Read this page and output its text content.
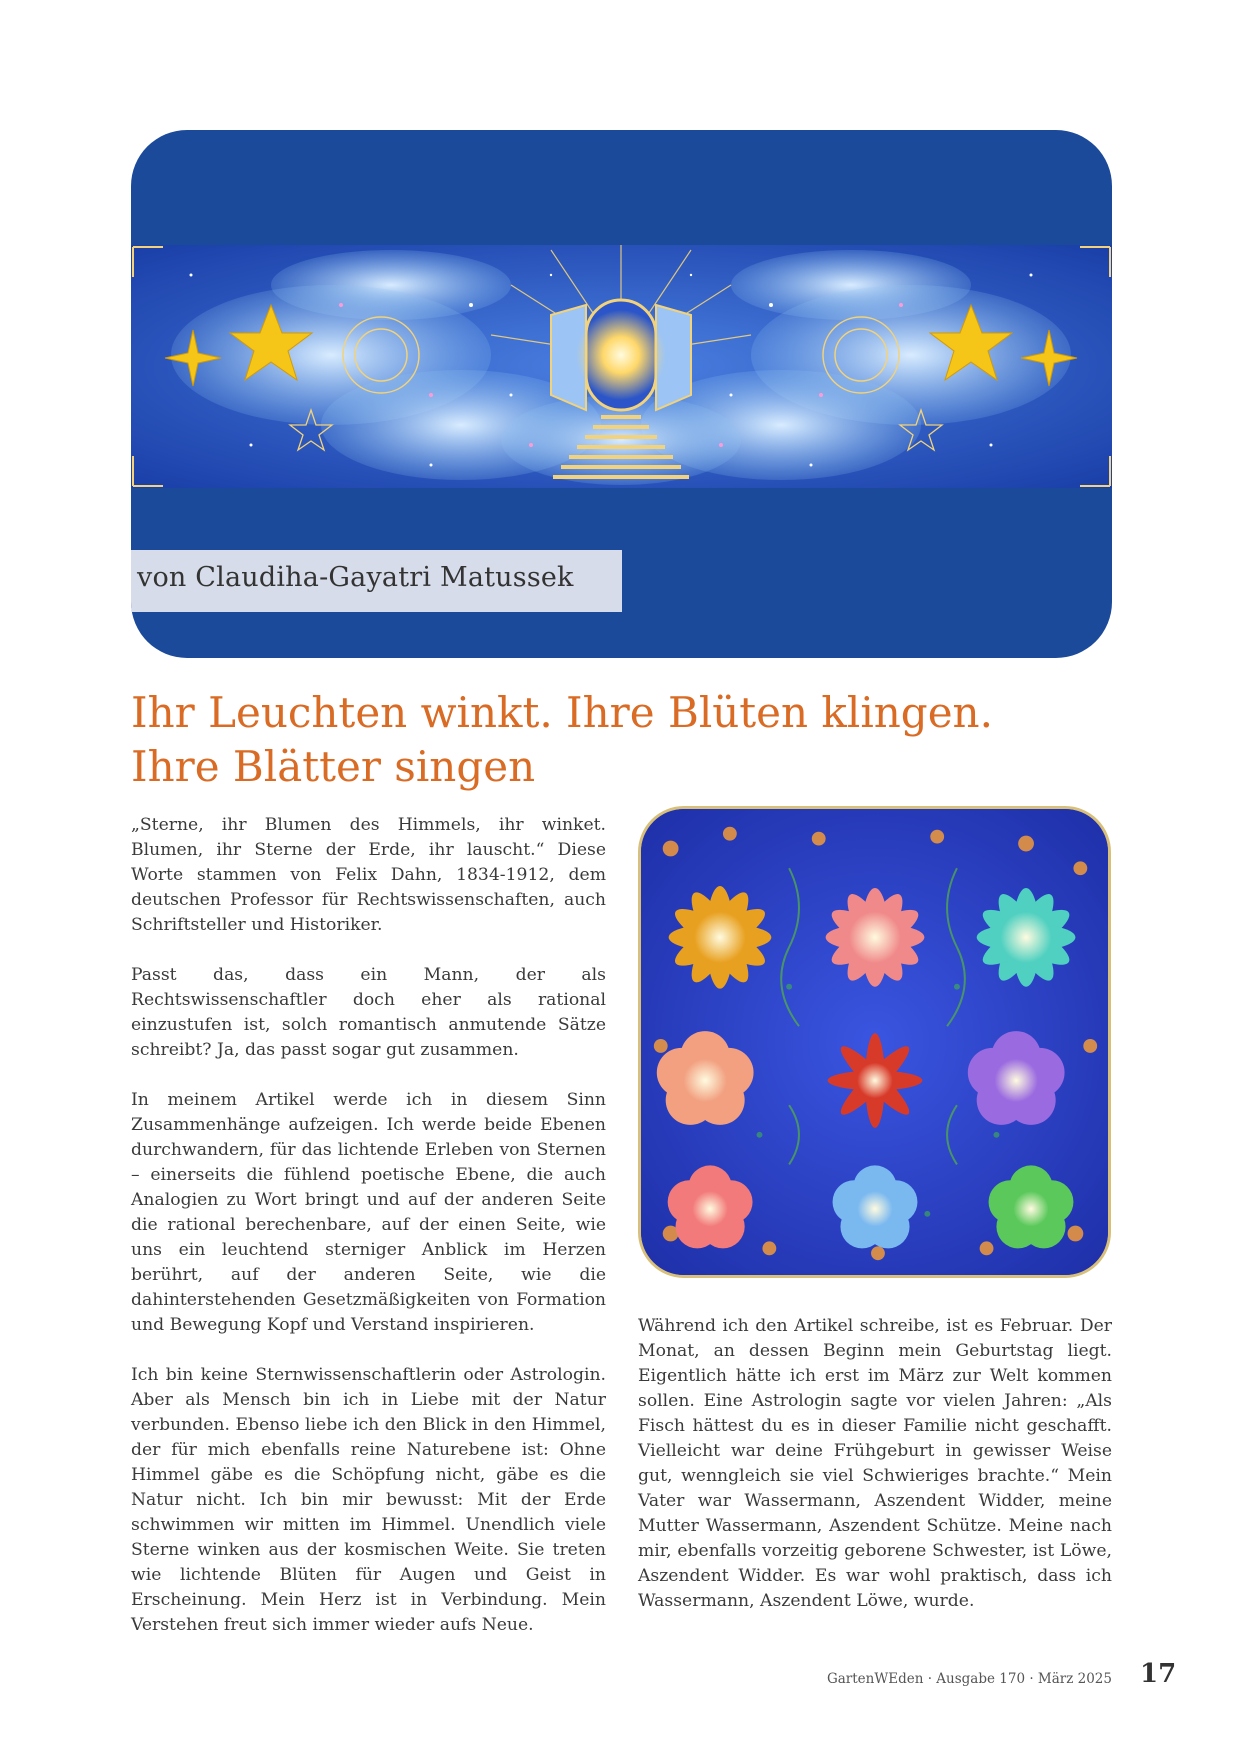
von Claudiha-Gayatri Matussek
Ihr Leuchten winkt. Ihre Blüten klingen.
Ihre Blätter singen

„Sterne, ihr Blumen des Himmels, ihr winket. Blumen, ihr Sterne der Erde, ihr lauscht.“ Diese Worte stammen von Felix Dahn, 1834-1912, dem deutschen Professor für Rechtswissenschaften, auch Schriftsteller und Historiker.

Passt das, dass ein Mann, der als Rechtswissenschaftler doch eher als rational einzustufen ist, solch romantisch anmutende Sätze schreibt? Ja, das passt sogar gut zusammen.

In meinem Artikel werde ich in diesem Sinn Zusammenhänge aufzeigen. Ich werde beide Ebenen durchwandern, für das lichtende Erleben von Sternen – einerseits die fühlend poetische Ebene, die auch Analogien zu Wort bringt und auf der anderen Seite die rational berechenbare, auf der einen Seite, wie uns ein leuchtend sterniger Anblick im Herzen berührt, auf der anderen Seite, wie die dahinterstehenden Gesetzmäßigkeiten von Formation und Bewegung Kopf und Verstand inspirieren.

Ich bin keine Sternwissenschaftlerin oder Astrologin. Aber als Mensch bin ich in Liebe mit der Natur verbunden. Ebenso liebe ich den Blick in den Himmel, der für mich ebenfalls reine Naturebene ist: Ohne Himmel gäbe es die Schöpfung nicht, gäbe es die Natur nicht. Ich bin mir bewusst: Mit der Erde schwimmen wir mitten im Himmel. Unendlich viele Sterne winken aus der kosmischen Weite. Sie treten wie lichtende Blüten für Augen und Geist in Erscheinung. Mein Herz ist in Verbindung. Mein Verstehen freut sich immer wieder aufs Neue.

Während ich den Artikel schreibe, ist es Februar. Der Monat, an dessen Beginn mein Geburtstag liegt. Eigentlich hätte ich erst im März zur Welt kommen sollen. Eine Astrologin sagte vor vielen Jahren: „Als Fisch hättest du es in dieser Familie nicht geschafft. Vielleicht war deine Frühgeburt in gewisser Weise gut, wenngleich sie viel Schwieriges brachte.“ Mein Vater war Wassermann, Aszendent Widder, meine Mutter Wassermann, Aszendent Schütze. Meine nach mir, ebenfalls vorzeitig geborene Schwester, ist Löwe, Aszendent Widder. Es war wohl praktisch, dass ich Wassermann, Aszendent Löwe, wurde.

GartenWEden · Ausgabe 170 · März 2025 17
